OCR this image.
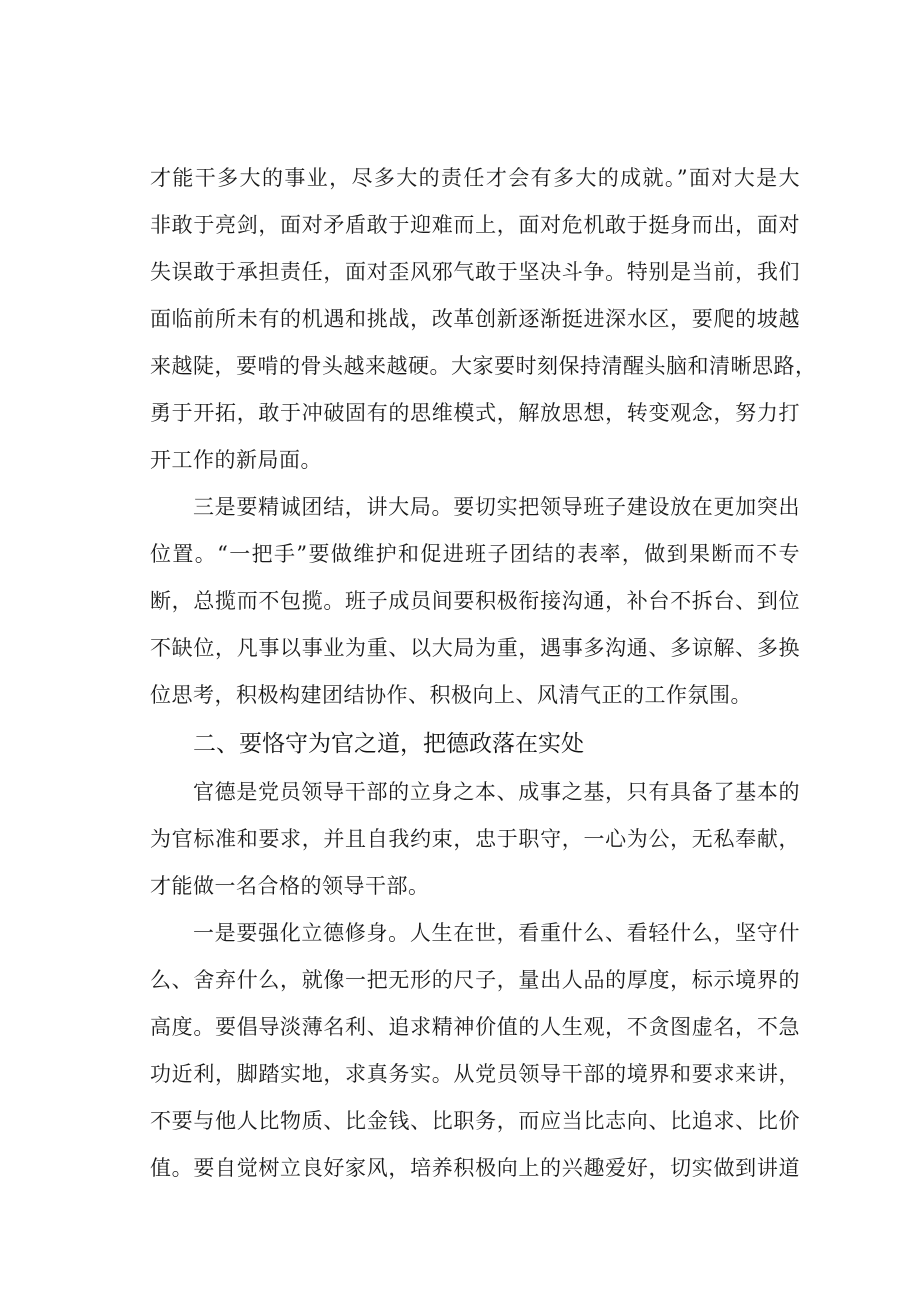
才能干多大的事业，尽多大的责任才会有多大的成就。”面对大是大
非敢于亮剑，面对矛盾敢于迎难而上，面对危机敢于挺身而出，面对
失误敢于承担责任，面对歪风邪气敢于坚决斗争。特别是当前，我们
面临前所未有的机遇和挑战，改革创新逐渐挺进深水区，要爬的坡越
来越陡，要啃的骨头越来越硬。大家要时刻保持清醒头脑和清晰思路，
勇于开拓，敢于冲破固有的思维模式，解放思想，转变观念，努力打
开工作的新局面。
三是要精诚团结，讲大局。要切实把领导班子建设放在更加突出
位置。“一把手”要做维护和促进班子团结的表率，做到果断而不专
断，总揽而不包揽。班子成员间要积极衔接沟通，补台不拆台、到位
不缺位，凡事以事业为重、以大局为重，遇事多沟通、多谅解、多换
位思考，积极构建团结协作、积极向上、风清气正的工作氛围。
二、要恪守为官之道，把德政落在实处
官德是党员领导干部的立身之本、成事之基，只有具备了基本的
为官标准和要求，并且自我约束，忠于职守，一心为公，无私奉献，
才能做一名合格的领导干部。
一是要强化立德修身。人生在世，看重什么、看轻什么，坚守什
么、舍弃什么，就像一把无形的尺子，量出人品的厚度，标示境界的
高度。要倡导淡薄名利、追求精神价值的人生观，不贪图虚名，不急
功近利，脚踏实地，求真务实。从党员领导干部的境界和要求来讲，
不要与他人比物质、比金钱、比职务，而应当比志向、比追求、比价
值。要自觉树立良好家风，培养积极向上的兴趣爱好，切实做到讲道
